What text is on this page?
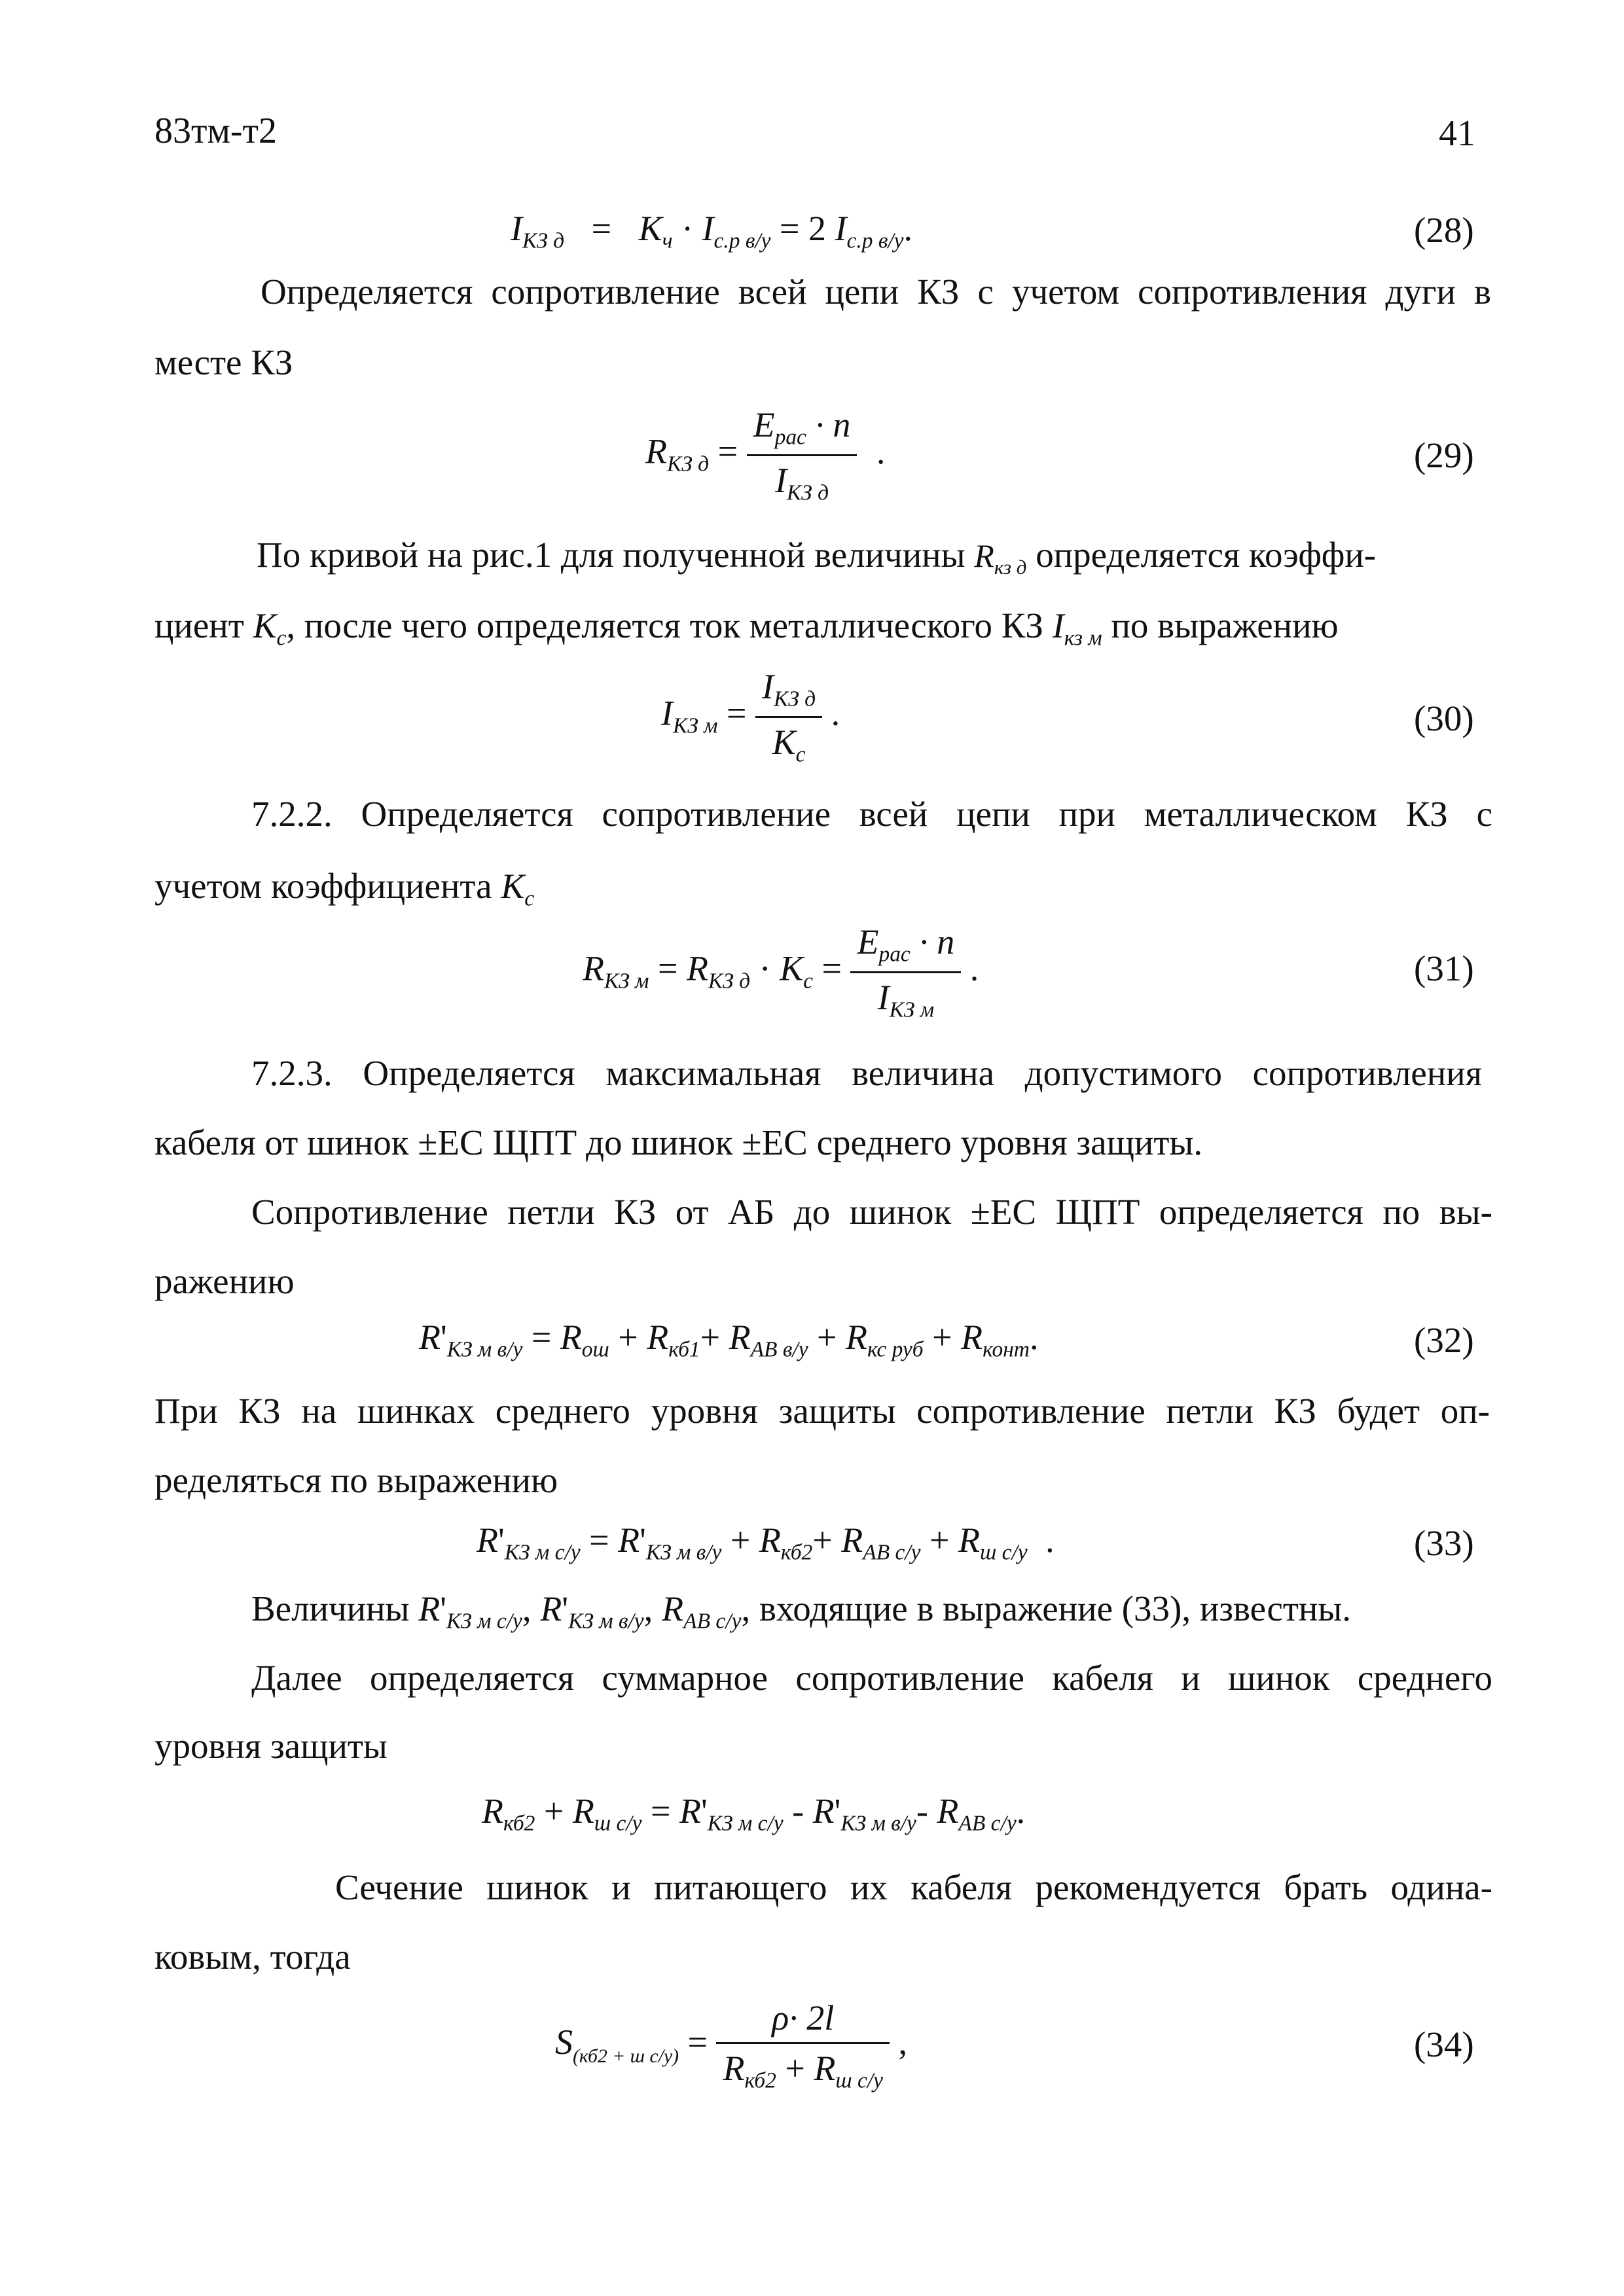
83тм-т2	41
$I_{КЗ д} = K_ч \cdot I_{с.р в/у} = 2$ $I_{с.р в/у}$.	(28)
Определяется сопротивление всей цепи КЗ с учетом сопротивления дуги в
месте КЗ
$R_{КЗ д} = \frac{E_{рас} \cdot n}{I_{КЗ д}}$ .	(29)
По кривой на рис.1 для полученной величины $R_{кз д}$ определяется коэффи-
циент $K_c$, после чего определяется ток металлического КЗ $I_{кз м}$ по выражению
$I_{КЗ м} = \frac{I_{КЗ д}}{K_c}$ .	(30)
7.2.2. Определяется сопротивление всей цепи при металлическом КЗ с
учетом коэффициента $K_c$
$R_{КЗ м} = R_{КЗ д} \cdot K_c = \frac{E_{рас} \cdot n}{I_{КЗ м}}$ .	(31)
7.2.3. Определяется максимальная величина допустимого сопротивления
кабеля от шинок ±ЕС ЩПТ до шинок ±ЕС среднего уровня защиты.
Сопротивление петли КЗ от АБ до шинок ±ЕС ЩПТ определяется по вы-
ражению
$R'_{КЗ м в/у} = R_{ош} + R_{кб1}+ R_{АВ в/у} + R_{кс руб} + R_{конт}$.	(32)
При КЗ на шинках среднего уровня защиты сопротивление петли КЗ будет оп-
ределяться по выражению
$R'_{КЗ м с/у} = R'_{КЗ м в/у} + R_{кб2}+ R_{АВ с/у} + R_{ш с/у}$ .	(33)
Величины $R'_{КЗ м с/у}$, $R'_{КЗ м в/у}$, $R_{АВ с/у}$, входящие в выражение (33), известны.
Далее определяется суммарное сопротивление кабеля и шинок среднего
уровня защиты
$R_{кб2} + R_{ш с/у} = R'_{КЗ м с/у} - R'_{КЗ м в/у}-$ $R_{АВ с/у}$.
Сечение шинок и питающего их кабеля рекомендуется брать одина-
ковым, тогда
$S_{(кб2 + ш с/у)} = \frac{\rho\cdot 2l}{R_{кб2} + R_{ш с/у}}$ ,	(34)
